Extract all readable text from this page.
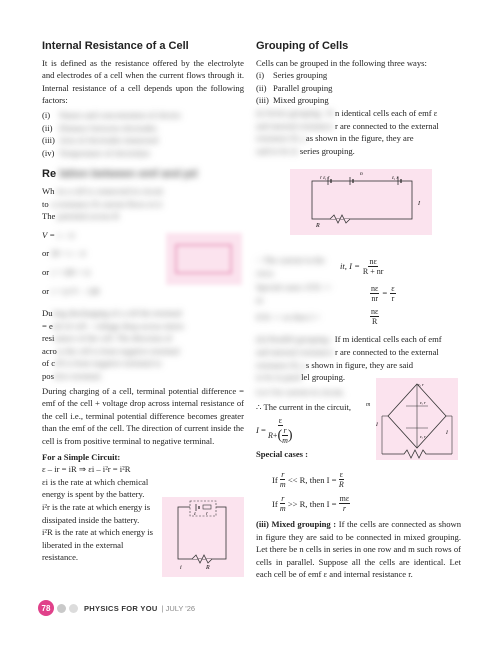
Internal Resistance of a Cell

It is defined as the resistance offered by the electrolyte and electrodes of a cell when the current flows through it. Internal resistance of a cell depends upon the following factors:

(i)	Nature and concentration of electro
(ii) Distance between electrodes
(iii) Area of electrodes immersed
(iv) Temperature of electrolyte
Re lation between emf and pd

Wh en a cell is connected in circuit

to a resistance R current flows in it

The potential across R

V = ε – ir

or iR = ε – ir

or ε = i(R + r)

or r = (ε/V – 1)R

During discharging of a cell the terminal

= emf of cell – voltage drop across intern

resistance of the cell. The direction of

across the cell is from negative terminal

of cell is from negative terminal to

positive terminal.

During charging of a cell, terminal potential difference = emf of the cell + voltage drop across internal resistance of the cell i.e., terminal potential difference becomes greater than the emf of the cell. The direction of current inside the cell is from positive terminal to negative terminal.

For a Simple Circuit:

ε – ir = iR ⇒ εi – i²r = i²R

εi is the rate at which chemical energy is spent by the battery.

i²r is the rate at which energy is dissipated inside the battery.

i²R is the rate at which energy is liberated in the external resistance.

ε r
i	R
Grouping of Cells

Cells can be grouped in the following three ways:

(i)	Series grouping
(ii) Parallel grouping
(iii) Mixed grouping

(i) Series grouping : If n identical cells each of emf ε

and internal resistance r are connected to the external

resistance R, aas shown in the figure, they are

said to be in series grouping.

n
r ε, r	ε, r
R
I
∴ The current in the circu
it, $I = \frac{n\varepsilon}{R + nr}$
Special cases: If R >> nr	$\frac{n\varepsilon}{nr} = \frac{\varepsilon}{r}$
If R << nr then I =	$\frac{n\varepsilon}{R}$

(ii) Parallel grouping : If m identical cells each of emf

and internal resistance r are connected to the external

resistance R, as shown in figure, they are said

to be in parallel grouping.

ε, r
ε, r
ε, r
I
I
m

Let I be current in circuit,

∴ The current in the circuit,

$I = \frac{\varepsilon}{R + ( \frac{r}{m} )}$

Special cases :

If
$\frac{r}{m}$
<< R, then I =
$\frac{\varepsilon}{R}$
If
$\frac{r}{m}$
>> R, then I =
$\frac{m\varepsilon}{r}$

(iii) Mixed grouping : If the cells are connected as shown in figure they are said to be connected in mixed grouping. Let there be n cells in series in one row and m such rows of cells in parallel. Suppose all the cells are identical. Let each cell be of emf ε and internal resistance r.

78	PHYSICS FOR YOU | JULY '26
